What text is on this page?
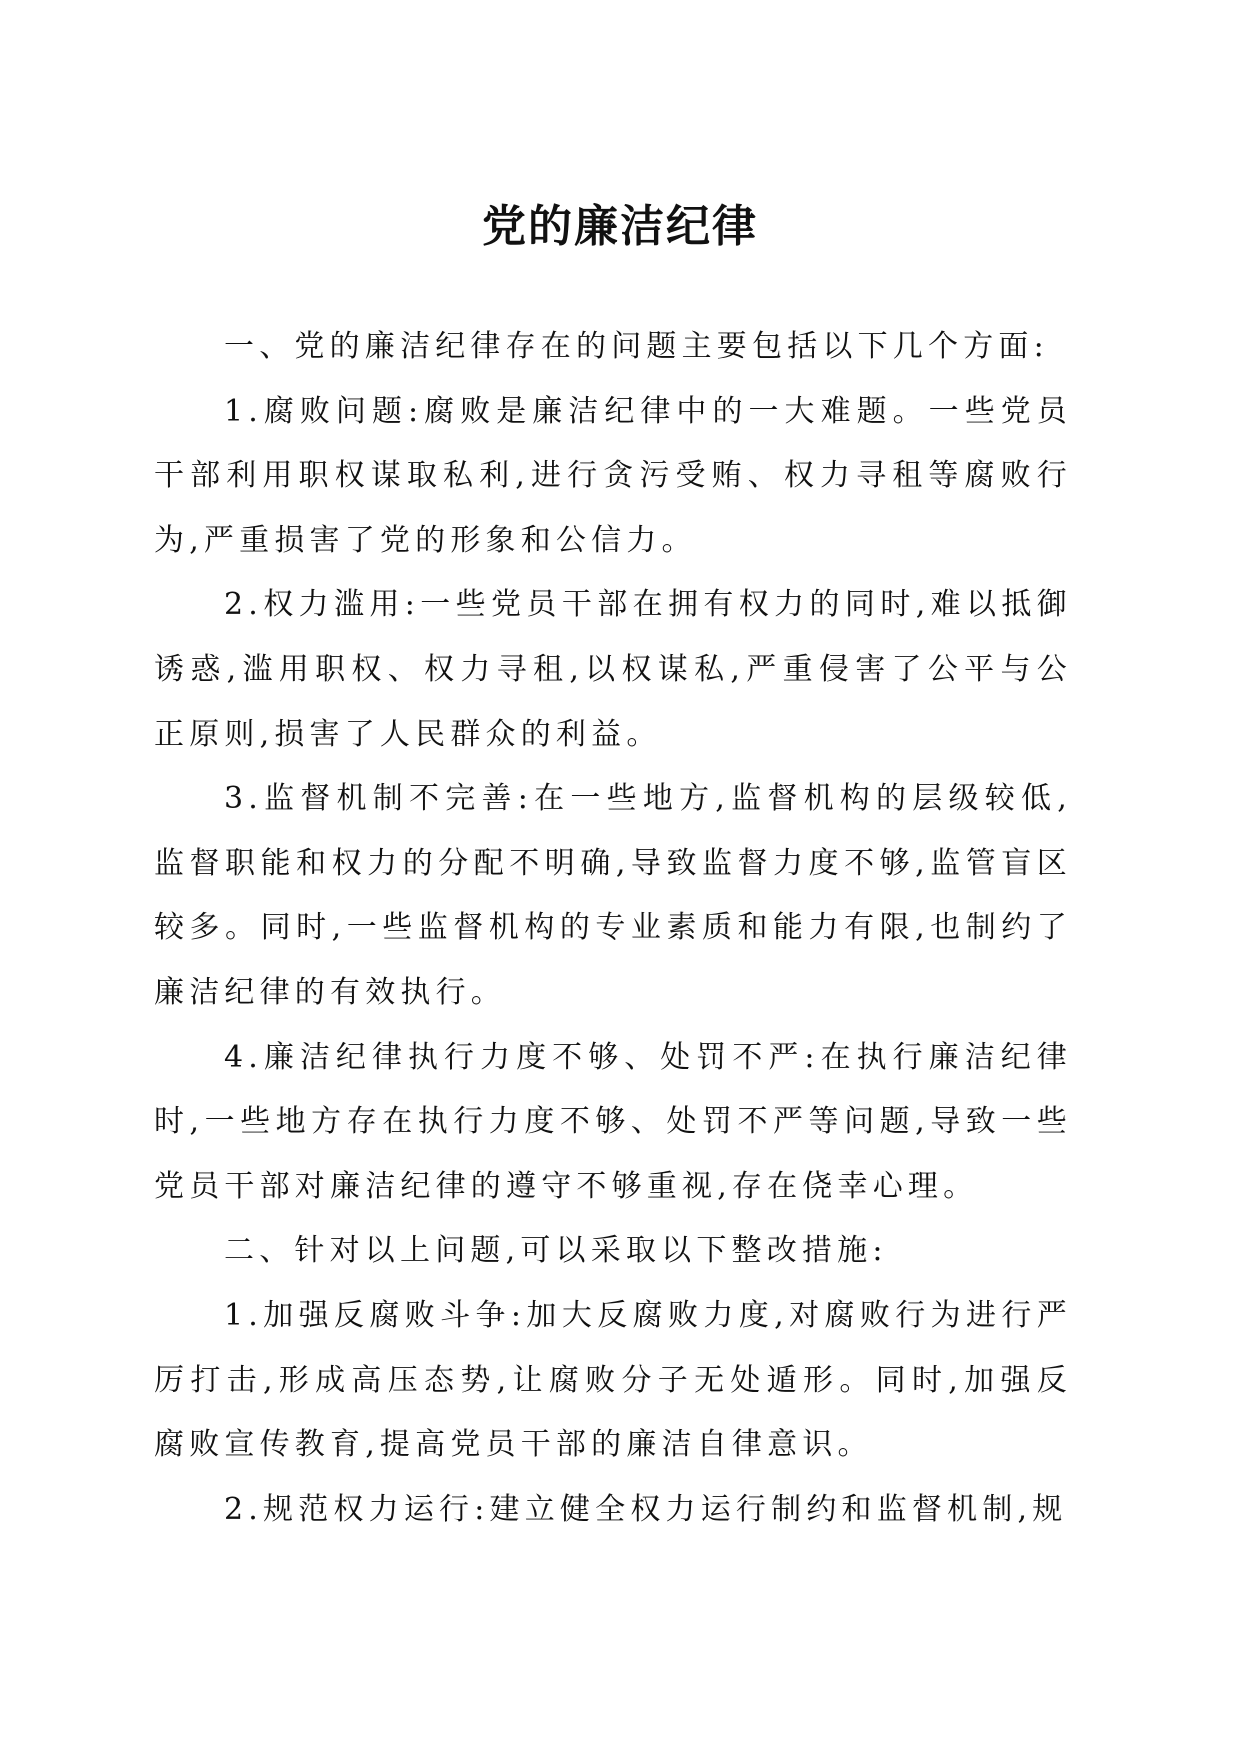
党的廉洁纪律

一、党的廉洁纪律存在的问题主要包括以下几个方面:

1.腐败问题:腐败是廉洁纪律中的一大难题。一些党员干部利用职权谋取私利,进行贪污受贿、权力寻租等腐败行为,严重损害了党的形象和公信力。

2.权力滥用:一些党员干部在拥有权力的同时,难以抵御诱惑,滥用职权、权力寻租,以权谋私,严重侵害了公平与公正原则,损害了人民群众的利益。

3.监督机制不完善:在一些地方,监督机构的层级较低,监督职能和权力的分配不明确,导致监督力度不够,监管盲区较多。同时,一些监督机构的专业素质和能力有限,也制约了廉洁纪律的有效执行。

4.廉洁纪律执行力度不够、处罚不严:在执行廉洁纪律时,一些地方存在执行力度不够、处罚不严等问题,导致一些党员干部对廉洁纪律的遵守不够重视,存在侥幸心理。

二、针对以上问题,可以采取以下整改措施:

1.加强反腐败斗争:加大反腐败力度,对腐败行为进行严厉打击,形成高压态势,让腐败分子无处遁形。同时,加强反腐败宣传教育,提高党员干部的廉洁自律意识。

2.规范权力运行:建立健全权力运行制约和监督机制,规
